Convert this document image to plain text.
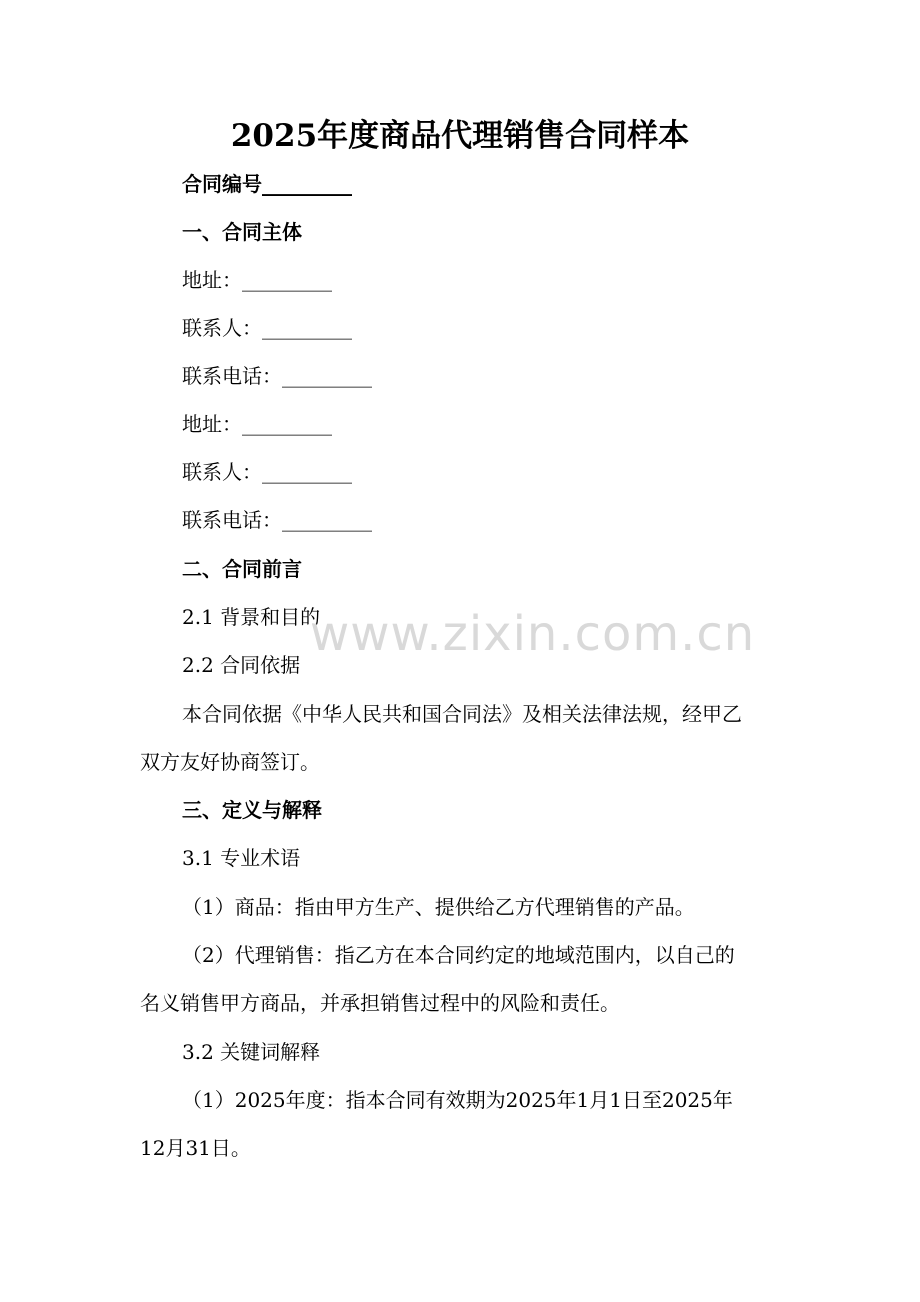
2025年度商品代理销售合同样本
合同编号_________
一、合同主体
地址：_________
联系人：_________
联系电话：_________
地址：_________
联系人：_________
联系电话：_________
二、合同前言
2.1 背景和目的
2.2 合同依据
本合同依据《中华人民共和国合同法》及相关法律法规，经甲乙
双方友好协商签订。
三、定义与解释
3.1 专业术语
（1）商品：指由甲方生产、提供给乙方代理销售的产品。
（2）代理销售：指乙方在本合同约定的地域范围内，以自己的
名义销售甲方商品，并承担销售过程中的风险和责任。
3.2 关键词解释
（1）2025年度：指本合同有效期为2025年1月1日至2025年
12月31日。
www.zixin.com.cn
